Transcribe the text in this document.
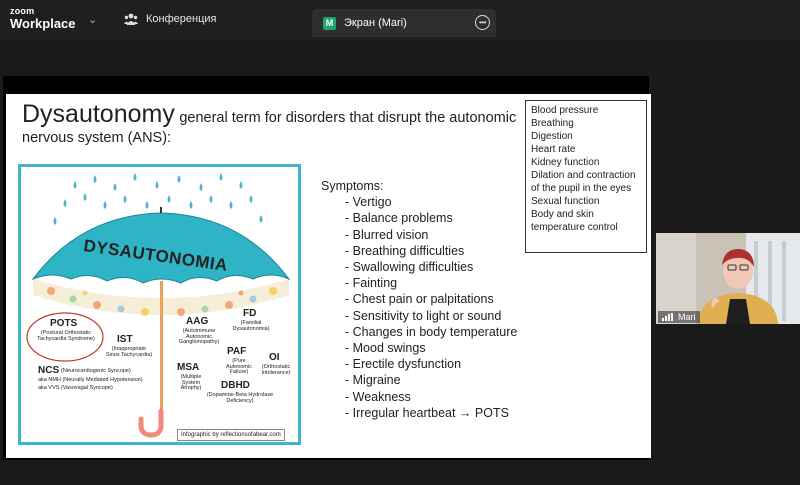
zoom
Workplace ⌄	Конференция	M Экран (Mari)	•••
Dysautonomy general term for disorders that disrupt the autonomic
nervous system (ANS):
Blood pressure
Breathing
Digestion
Heart rate
Kidney function
Dilation and contraction of the pupil in the eyes
Sexual function
Body and skin temperature control
Symptoms:
- Vertigo
- Balance problems
- Blurred vision
- Breathing difficulties
- Swallowing difficulties
- Fainting
- Chest pain or palpitations
- Sensitivity to light or sound
- Changes in body temperature
- Mood swings
- Erectile dysfunction
- Migraine
- Weakness
- Irregular heartbeat → POTS
DYSAUTONOMIA
POTS
(Postural Orthostatic Tachycardia Syndrome)	IST
(Inappropriate Sinus Tachycardia)
AAG
(Autoimmune Autonomic Ganglionopathy)
FD
(Familial Dysautonomia)
NCS (Neurocardiogenic Syncope)
aka NMH (Neurally Mediated Hypotension)
aka VVS (Vasovagal Syncope)
PAF
(Pure Autonomic Failure)
OI
(Orthostatic Intolerance)
MSA
(Multiple System Atrophy)	DBHD
(Dopamine-Beta Hydrolase Deficiency)
Infographic by reflectionsofabear.com
Mari
